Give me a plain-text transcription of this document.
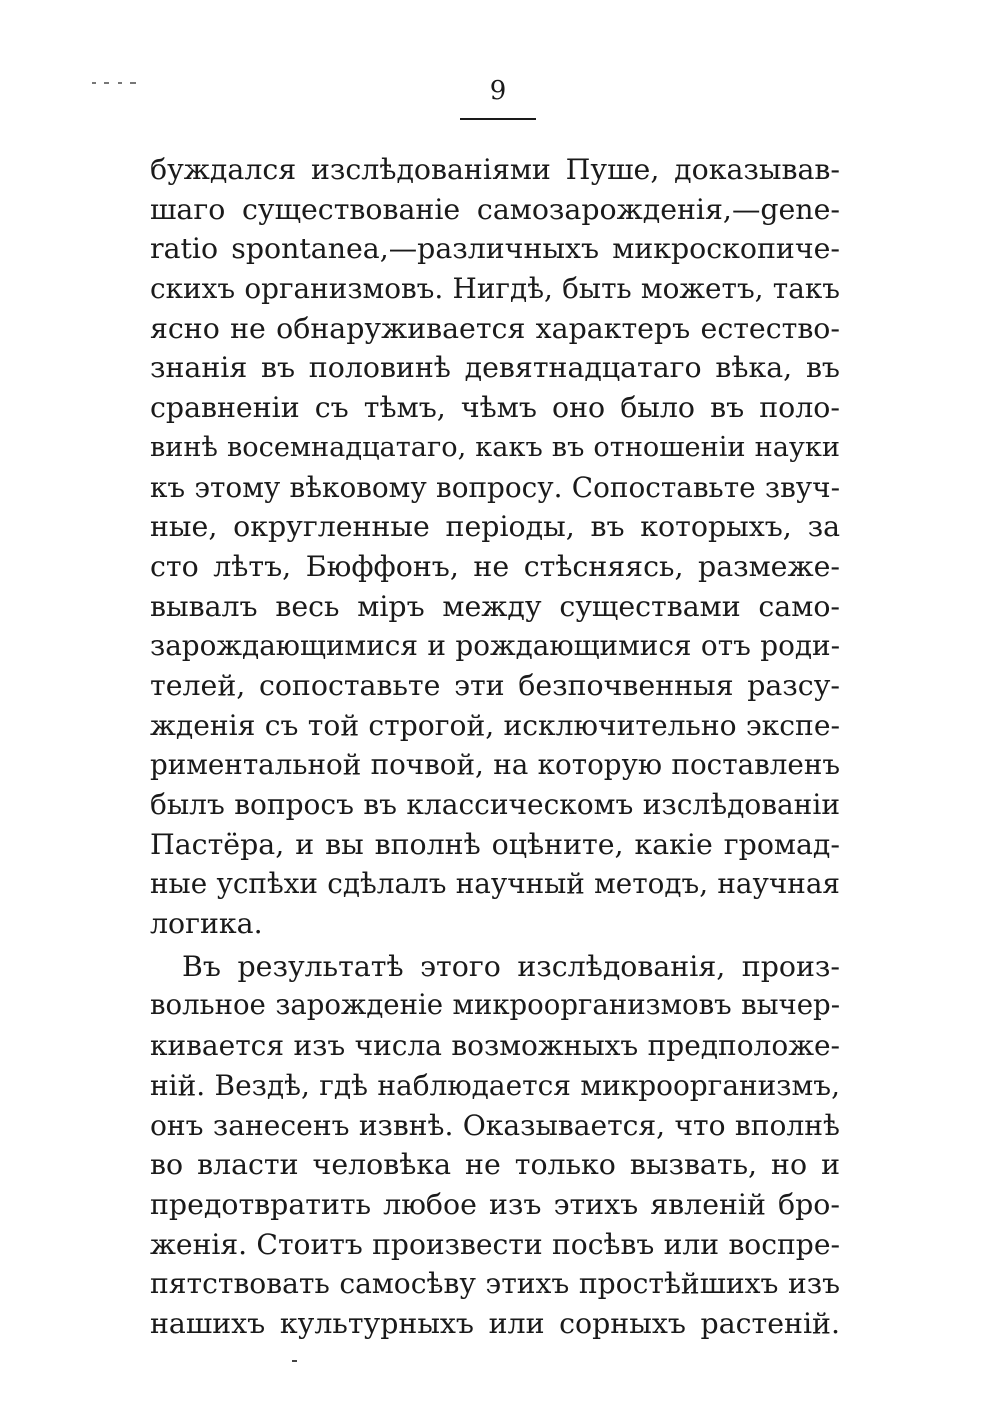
9
буждался изслѣдованіями Пуше, доказывав-
шаго существованіе самозарожденія,—gene-
ratio spontanea,—различныхъ микроскопиче-
скихъ организмовъ. Нигдѣ, быть можетъ, такъ
ясно не обнаруживается характеръ естество-
знанія въ половинѣ девятнадцатаго вѣка, въ
сравненіи съ тѣмъ, чѣмъ оно было въ поло-
винѣ восемнадцатаго, какъ въ отношеніи науки
къ этому вѣковому вопросу. Сопоставьте звуч-
ные, округленные періоды, въ которыхъ, за
сто лѣтъ, Бюффонъ, не стѣсняясь, размеже-
вывалъ весь міръ между существами само-
зарождающимися и рождающимися отъ роди-
телей, сопоставьте эти безпочвенныя разсу-
жденія съ той строгой, исключительно экспе-
риментальной почвой, на которую поставленъ
былъ вопросъ въ классическомъ изслѣдованіи
Пастёра, и вы вполнѣ оцѣните, какіе громад-
ные успѣхи сдѣлалъ научный методъ, научная
логика.
Въ результатѣ этого изслѣдованія, произ-
вольное зарожденіе микроорганизмовъ вычер-
кивается изъ числа возможныхъ предположе-
ній. Вездѣ, гдѣ наблюдается микроорганизмъ,
онъ занесенъ извнѣ. Оказывается, что вполнѣ
во власти человѣка не только вызвать, но и
предотвратить любое изъ этихъ явленій бро-
женія. Стоитъ произвести посѣвъ или воспре-
пятствовать самосѣву этихъ простѣйшихъ изъ
нашихъ культурныхъ или сорныхъ растеній.
